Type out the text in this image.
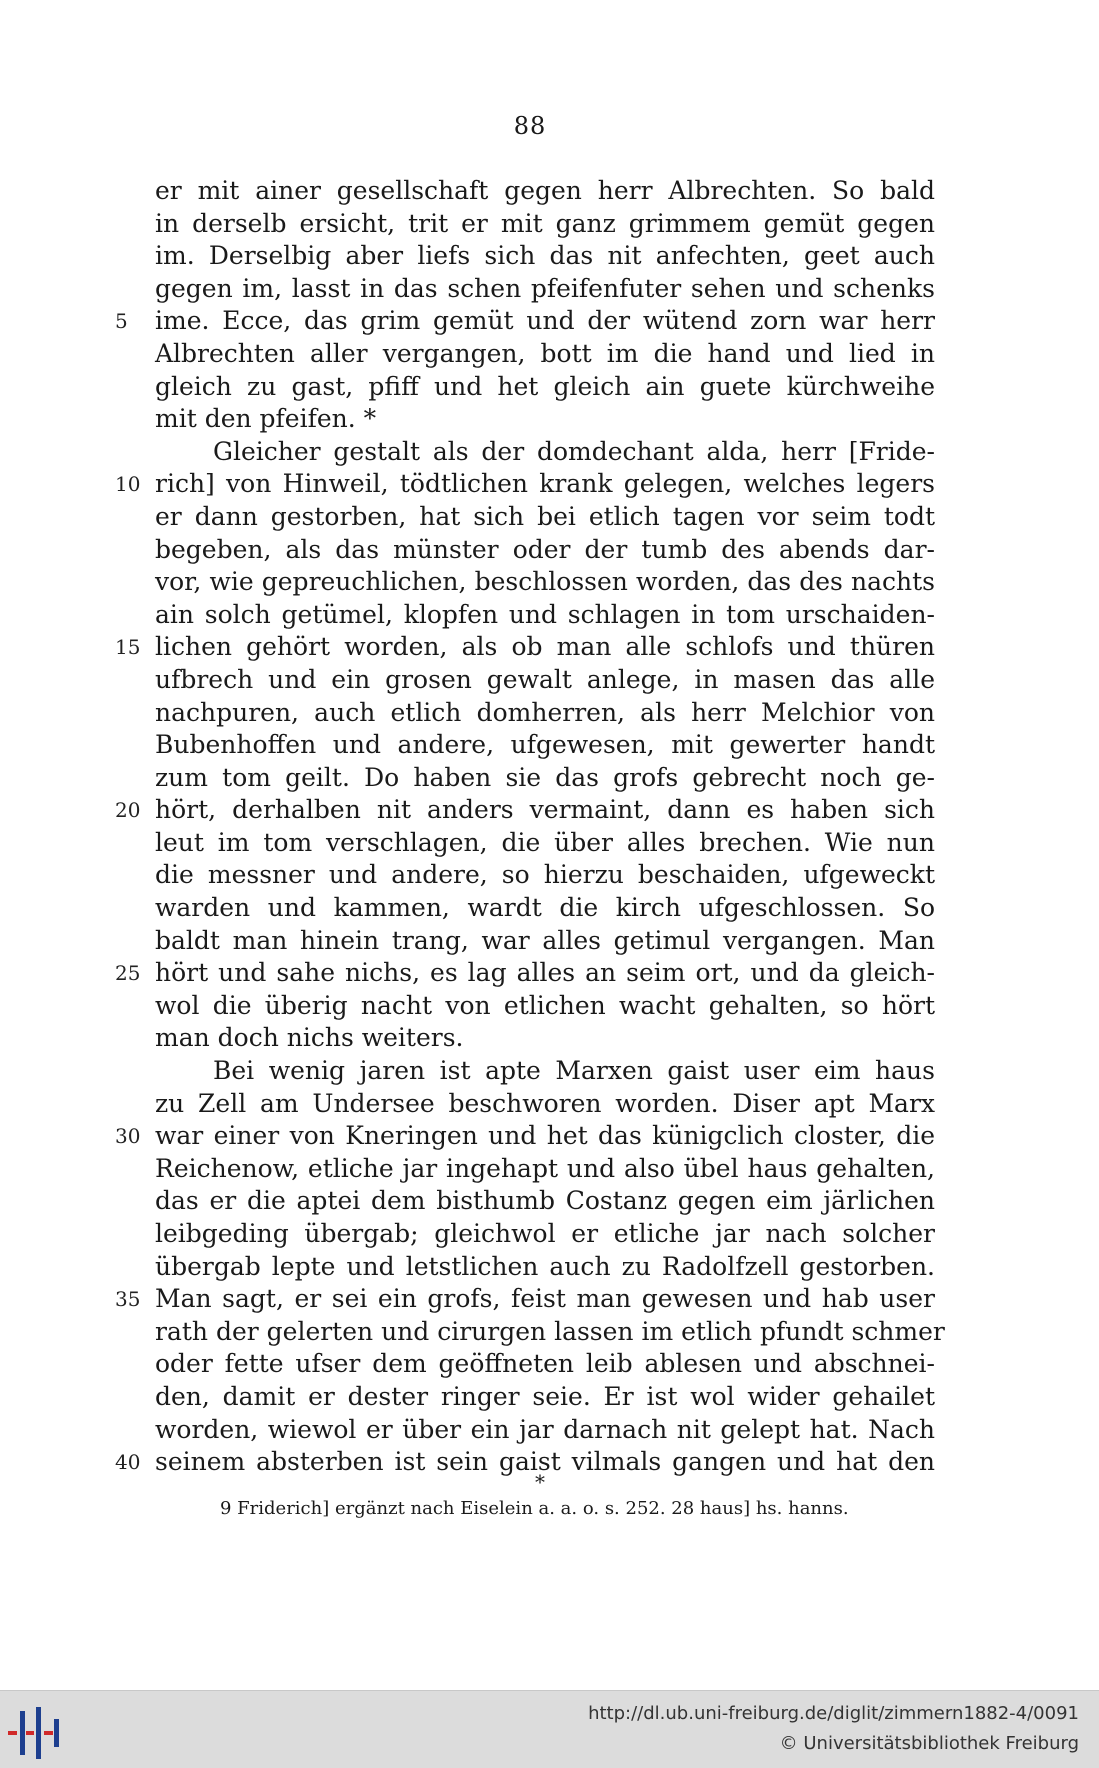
88
er mit ainer gesellschaft gegen herr Albrechten. So bald
in derselb ersicht, trit er mit ganz grimmem gemüt gegen
im. Derselbig aber liefs sich das nit anfechten, geet auch
gegen im, lasst in das schen pfeifenfuter sehen und schenks
5	ime. Ecce, das grim gemüt und der wütend zorn war herr
Albrechten aller vergangen, bott im die hand und lied in
gleich zu gast, pfiff und het gleich ain guete kürchweihe
mit den pfeifen. *
Gleicher gestalt als der domdechant alda, herr [Fride-
10 rich] von Hinweil, tödtlichen krank gelegen, welches legers
er dann gestorben, hat sich bei etlich tagen vor seim todt
begeben, als das münster oder der tumb des abends dar-
vor, wie gepreuchlichen, beschlossen worden, das des nachts
ain solch getümel, klopfen und schlagen in tom urschaiden-
15 lichen gehört worden, als ob man alle schlofs und thüren
ufbrech und ein grosen gewalt anlege, in masen das alle
nachpuren, auch etlich domherren, als herr Melchior von
Bubenhoffen und andere, ufgewesen, mit gewerter handt
zum tom geilt. Do haben sie das grofs gebrecht noch ge-
20 hört, derhalben nit anders vermaint, dann es haben sich
leut im tom verschlagen, die über alles brechen. Wie nun
die messner und andere, so hierzu beschaiden, ufgeweckt
warden und kammen, wardt die kirch ufgeschlossen. So
baldt man hinein trang, war alles getimul vergangen. Man
25 hört und sahe nichs, es lag alles an seim ort, und da gleich-
wol die überig nacht von etlichen wacht gehalten, so hört
man doch nichs weiters.
Bei wenig jaren ist apte Marxen gaist user eim haus
zu Zell am Undersee beschworen worden. Diser apt Marx
30 war einer von Kneringen und het das künigclich closter, die
Reichenow, etliche jar ingehapt und also übel haus gehalten,
das er die aptei dem bisthumb Costanz gegen eim järlichen
leibgeding übergab; gleichwol er etliche jar nach solcher
übergab lepte und letstlichen auch zu Radolfzell gestorben.
35 Man sagt, er sei ein grofs, feist man gewesen und hab user
rath der gelerten und cirurgen lassen im etlich pfundt schmer
oder fette ufser dem geöffneten leib ablesen und abschnei-
den, damit er dester ringer seie. Er ist wol wider gehailet
worden, wiewol er über ein jar darnach nit gelept hat. Nach
40 seinem absterben ist sein gaist vilmals gangen und hat den
*
9 Friderich] ergänzt nach Eiselein a. a. o. s. 252. 28 haus] hs. hanns.
http://dl.ub.uni-freiburg.de/diglit/zimmern1882-4/0091
© Universitätsbibliothek Freiburg
